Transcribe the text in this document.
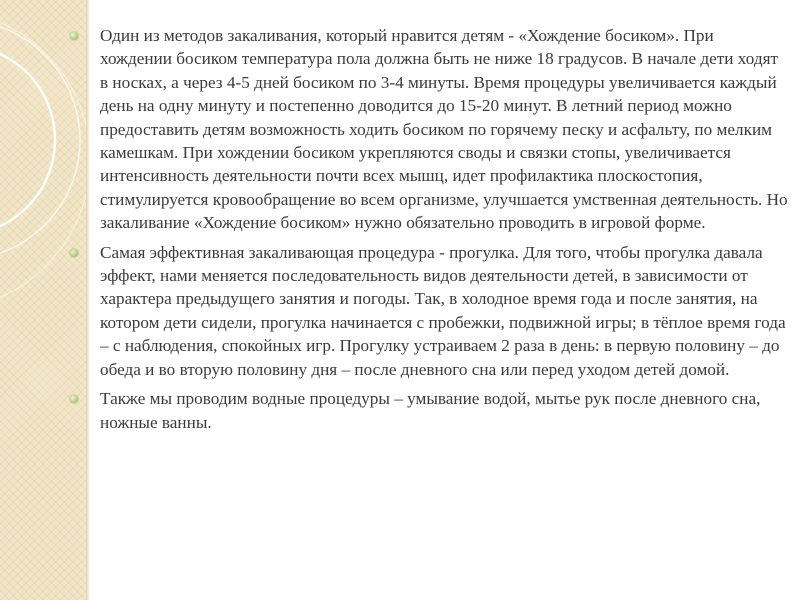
Один из методов закаливания, который нравится детям - «Хождение босиком». При хождении босиком температура пола должна быть не ниже 18 градусов. В начале дети ходят в носках, а через 4-5 дней босиком по 3-4 минуты. Время процедуры увеличивается каждый день на одну минуту и постепенно доводится до 15-20 минут. В летний период можно предоставить детям возможность ходить босиком по горячему песку и асфальту, по мелким камешкам. При хождении босиком укрепляются своды и связки стопы, увеличивается интенсивность деятельности почти всех мышц, идет профилактика плоскостопия, стимулируется кровообращение во всем организме, улучшается умственная деятельность. Но закаливание «Хождение босиком» нужно обязательно проводить в игровой форме.
Самая эффективная закаливающая процедура - прогулка. Для того, чтобы прогулка давала эффект, нами меняется последовательность видов деятельности детей, в зависимости от характера предыдущего занятия и погоды. Так, в холодное время года и после занятия, на котором дети сидели, прогулка начинается с пробежки, подвижной игры; в тёплое время года – с наблюдения, спокойных игр. Прогулку устраиваем 2 раза в день: в первую половину – до обеда и во вторую половину дня – после дневного сна или перед уходом детей домой.
Также мы проводим водные процедуры – умывание водой, мытье рук после дневного сна, ножные ванны.
